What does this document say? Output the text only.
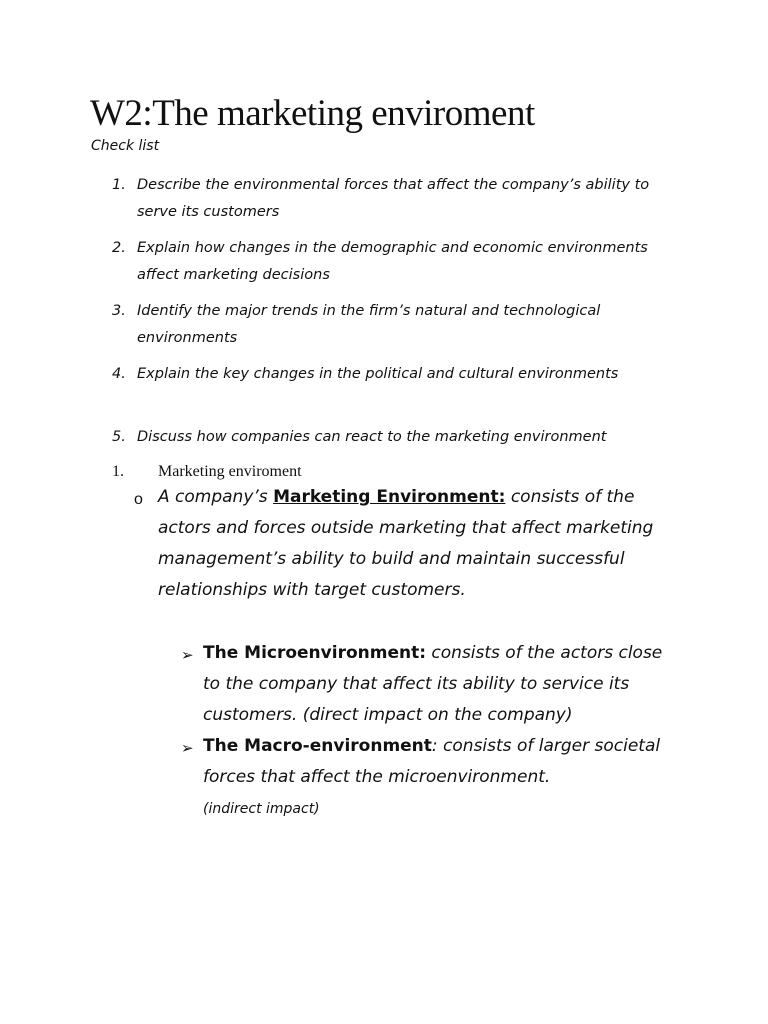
W2:The marketing enviroment
Check list
1. Describe the environmental forces that affect the company’s ability to serve its customers
2. Explain how changes in the demographic and economic environments affect marketing decisions
3. Identify the major trends in the firm’s natural and technological environments
4. Explain the key changes in the political and cultural environments
5. Discuss how companies can react to the marketing environment
1. Marketing enviroment
o A company’s Marketing Environment: consists of the actors and forces outside marketing that affect marketing management’s ability to build and maintain successful relationships with target customers.
➢ The Microenvironment: consists of the actors close to the company that affect its ability to service its customers. (direct impact on the company)
➢ The Macro-environment: consists of larger societal forces that affect the microenvironment.
(indirect impact)
